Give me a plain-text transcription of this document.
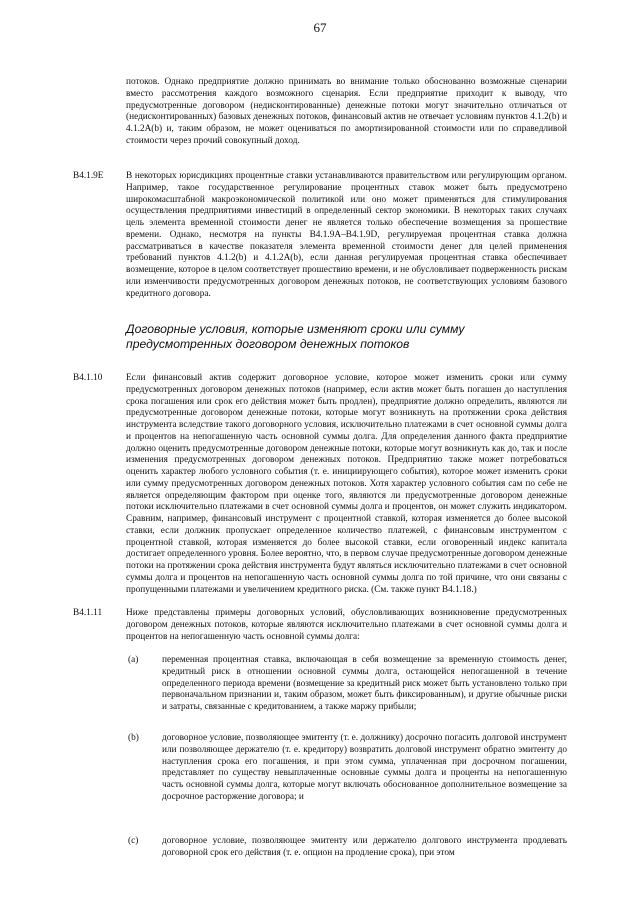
67

потоков. Однако предприятие должно принимать во внимание только обоснованно возможные сценарии вместо рассмотрения каждого возможного сценария. Если предприятие приходит к выводу, что предусмотренные договором (недисконтированные) денежные потоки могут значительно отличаться от (недисконтированных) базовых денежных потоков, финансовый актив не отвечает условиям пунктов 4.1.2(b) и 4.1.2A(b) и, таким образом, не может оцениваться по амортизированной стоимости или по справедливой стоимости через прочий совокупный доход.

B4.1.9E В некоторых юрисдикциях процентные ставки устанавливаются правительством или регулирующим органом. Например, такое государственное регулирование процентных ставок может быть предусмотрено широкомасштабной макроэкономической политикой или оно может применяться для стимулирования осуществления предприятиями инвестиций в определенный сектор экономики. В некоторых таких случаях цель элемента временной стоимости денег не является только обеспечение возмещения за прошествие времени. Однако, несмотря на пункты B4.1.9A–B4.1.9D, регулируемая процентная ставка должна рассматриваться в качестве показателя элемента временной стоимости денег для целей применения требований пунктов 4.1.2(b) и 4.1.2A(b), если данная регулируемая процентная ставка обеспечивает возмещение, которое в целом соответствует прошествию времени, и не обусловливает подверженность рискам или изменчивости предусмотренных договором денежных потоков, не соответствующих условиям базового кредитного договора.

Договорные условия, которые изменяют сроки или сумму предусмотренных договором денежных потоков
B4.1.10	Если финансовый актив содержит договорное условие, которое может изменить сроки или сумму предусмотренных договором денежных потоков (например, если актив может быть погашен до наступления срока погашения или срок его действия может быть продлен), предприятие должно определить, являются ли предусмотренные договором денежные потоки, которые могут возникнуть на протяжении срока действия инструмента вследствие такого договорного условия, исключительно платежами в счет основной суммы долга и процентов на непогашенную часть основной суммы долга. Для определения данного факта предприятие должно оценить предусмотренные договором денежные потоки, которые могут возникнуть как до, так и после изменения предусмотренных договором денежных потоков. Предприятию также может потребоваться оценить характер любого условного события (т. е. инициирующего события), которое может изменить сроки или сумму предусмотренных договором денежных потоков. Хотя характер условного события сам по себе не является определяющим фактором при оценке того, являются ли предусмотренные договором денежные потоки исключительно платежами в счет основной суммы долга и процентов, он может служить индикатором. Сравним, например, финансовый инструмент с процентной ставкой, которая изменяется до более высокой ставки, если должник пропускает определенное количество платежей, с финансовым инструментом с процентной ставкой, которая изменяется до более высокой ставки, если оговоренный индекс капитала достигает определенного уровня. Более вероятно, что, в первом случае предусмотренные договором денежные потоки на протяжении срока действия инструмента будут являться исключительно платежами в счет основной суммы долга и процентов на непогашенную часть основной суммы долга по той причине, что они связаны с пропущенными платежами и увеличением кредитного риска. (См. также пункт B4.1.18.)

B4.1.11	Ниже представлены примеры договорных условий, обусловливающих возникновение предусмотренных договором денежных потоков, которые являются исключительно платежами в счет основной суммы долга и процентов на непогашенную часть основной суммы долга:

(a)	переменная процентная ставка, включающая в себя возмещение за временную стоимость денег, кредитный риск в отношении основной суммы долга, остающейся непогашенной в течение определенного периода времени (возмещение за кредитный риск может быть установлено только при первоначальном признании и, таким образом, может быть фиксированным), и другие обычные риски и затраты, связанные с кредитованием, а также маржу прибыли;

(b) договорное условие, позволяющее эмитенту (т. е. должнику) досрочно погасить долговой инструмент или позволяющее держателю (т. е. кредитору) возвратить долговой инструмент обратно эмитенту до наступления срока его погашения, и при этом сумма, уплаченная при досрочном погашении, представляет по существу невыплаченные основные суммы долга и проценты на непогашенную часть основной суммы долга, которые могут включать обоснованное дополнительное возмещение за досрочное расторжение договора; и

(c)	договорное условие, позволяющее эмитенту или держателю долгового инструмента продлевать договорной срок его действия (т. е. опцион на продление срока), при этом
